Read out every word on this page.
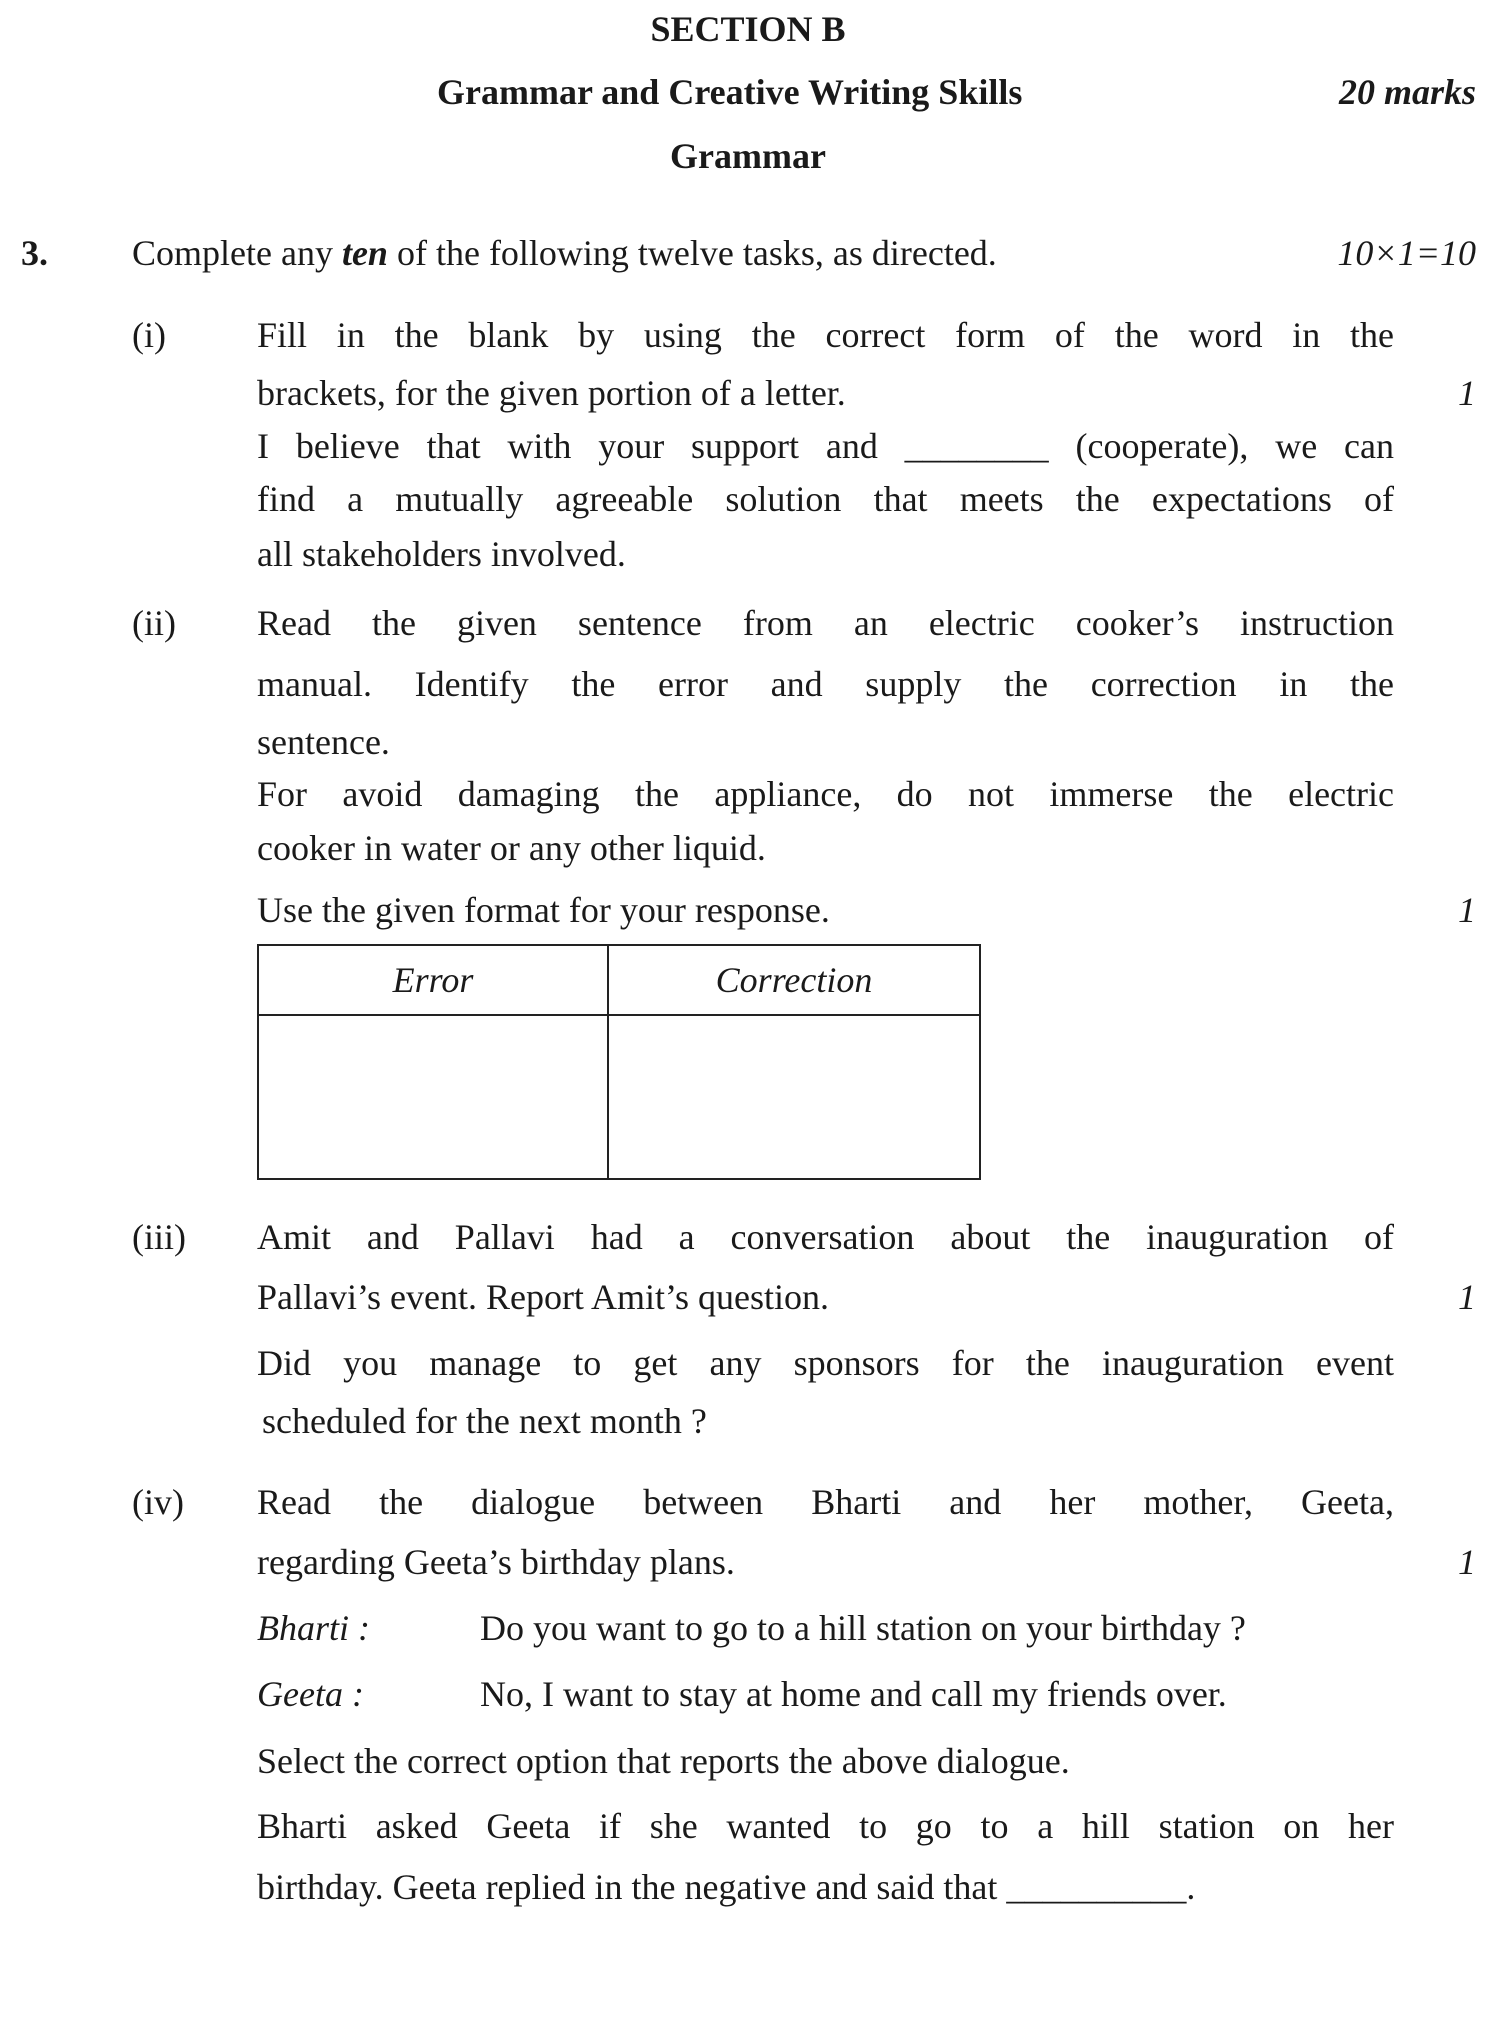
SECTION B
Grammar and Creative Writing Skills	20 marks
Grammar
3. Complete any ten of the following twelve tasks, as directed.	10×1=10
(i)	Fill in the blank by using the correct form of the word in the
brackets, for the given portion of a letter.	1
I believe that with your support and ________ (cooperate), we can
find a mutually agreeable solution that meets the expectations of
all stakeholders involved.
(ii) Read the given sentence from an electric cooker’s instruction
manual. Identify the error and supply the correction in the
sentence.
For avoid damaging the appliance, do not immerse the electric
cooker in water or any other liquid.
Use the given format for your response.	1
Error	Correction

(iii) Amit and Pallavi had a conversation about the inauguration of
Pallavi’s event. Report Amit’s question.	1
Did you manage to get any sponsors for the inauguration event
scheduled for the next month ?
(iv) Read the dialogue between Bharti and her mother, Geeta,
regarding Geeta’s birthday plans.	1
Bharti :	Do you want to go to a hill station on your birthday ?
Geeta :	No, I want to stay at home and call my friends over.
Select the correct option that reports the above dialogue.
Bharti asked Geeta if she wanted to go to a hill station on her
birthday. Geeta replied in the negative and said that __________.
